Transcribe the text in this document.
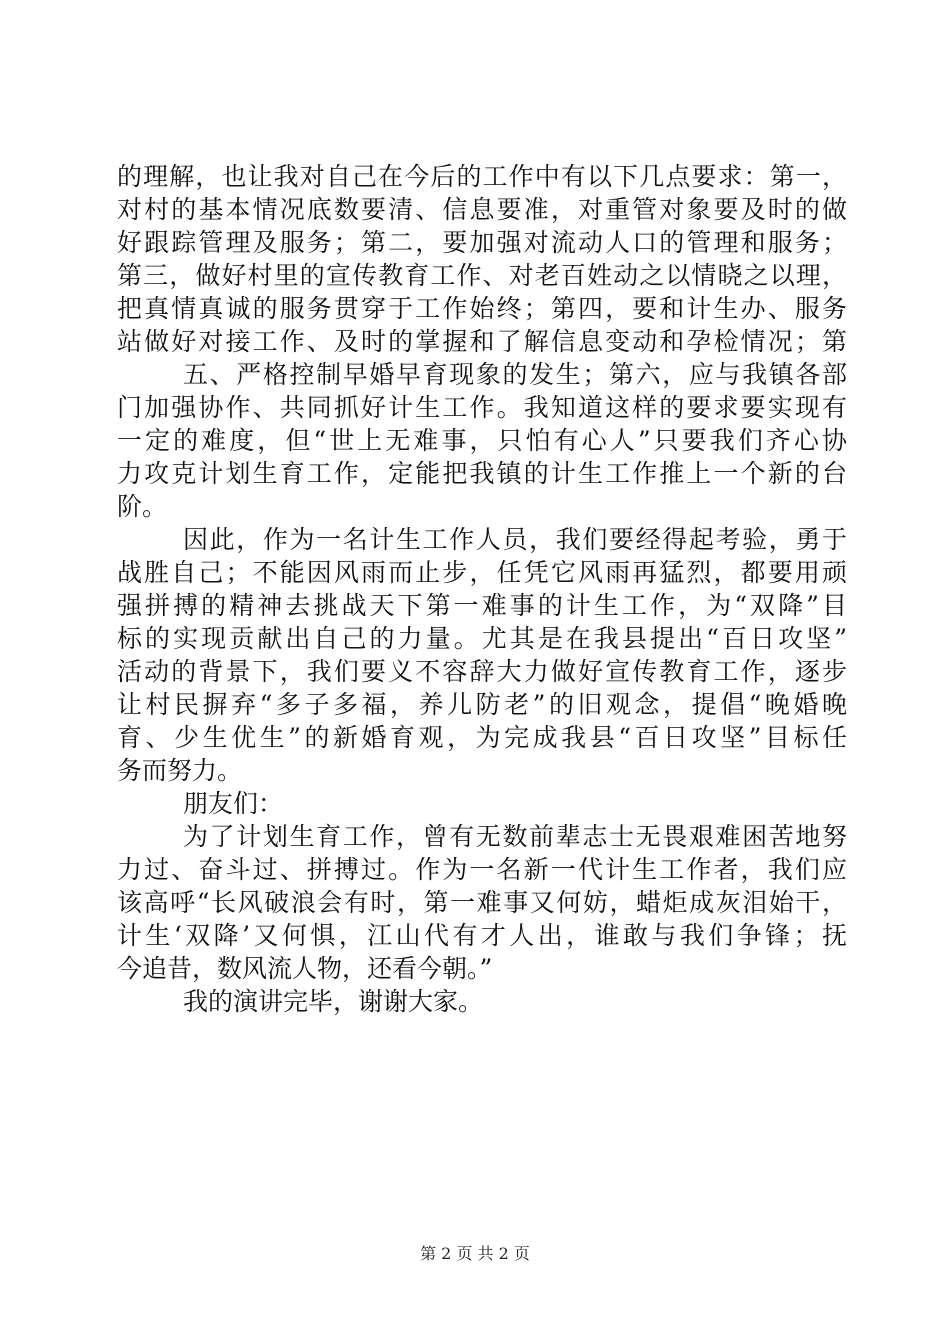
的理解，也让我对自己在今后的工作中有以下几点要求：第一，
对村的基本情况底数要清、信息要准，对重管对象要及时的做
好跟踪管理及服务；第二，要加强对流动人口的管理和服务；
第三，做好村里的宣传教育工作、对老百姓动之以情晓之以理，
把真情真诚的服务贯穿于工作始终；第四，要和计生办、服务
站做好对接工作、及时的掌握和了解信息变动和孕检情况；第
五、严格控制早婚早育现象的发生；第六，应与我镇各部
门加强协作、共同抓好计生工作。我知道这样的要求要实现有
一定的难度，但“世上无难事，只怕有心人”只要我们齐心协
力攻克计划生育工作，定能把我镇的计生工作推上一个新的台
阶。
因此，作为一名计生工作人员，我们要经得起考验，勇于
战胜自己；不能因风雨而止步，任凭它风雨再猛烈，都要用顽
强拼搏的精神去挑战天下第一难事的计生工作，为“双降”目
标的实现贡献出自己的力量。尤其是在我县提出“百日攻坚”
活动的背景下，我们要义不容辞大力做好宣传教育工作，逐步
让村民摒弃“多子多福，养儿防老”的旧观念，提倡“晚婚晚
育、少生优生”的新婚育观，为完成我县“百日攻坚”目标任
务而努力。
朋友们：
为了计划生育工作，曾有无数前辈志士无畏艰难困苦地努
力过、奋斗过、拼搏过。作为一名新一代计生工作者，我们应
该高呼“长风破浪会有时，第一难事又何妨，蜡炬成灰泪始干，
计生‘双降’又何惧，江山代有才人出，谁敢与我们争锋；抚
今追昔，数风流人物，还看今朝。”
我的演讲完毕，谢谢大家。
第 2 页 共 2 页
